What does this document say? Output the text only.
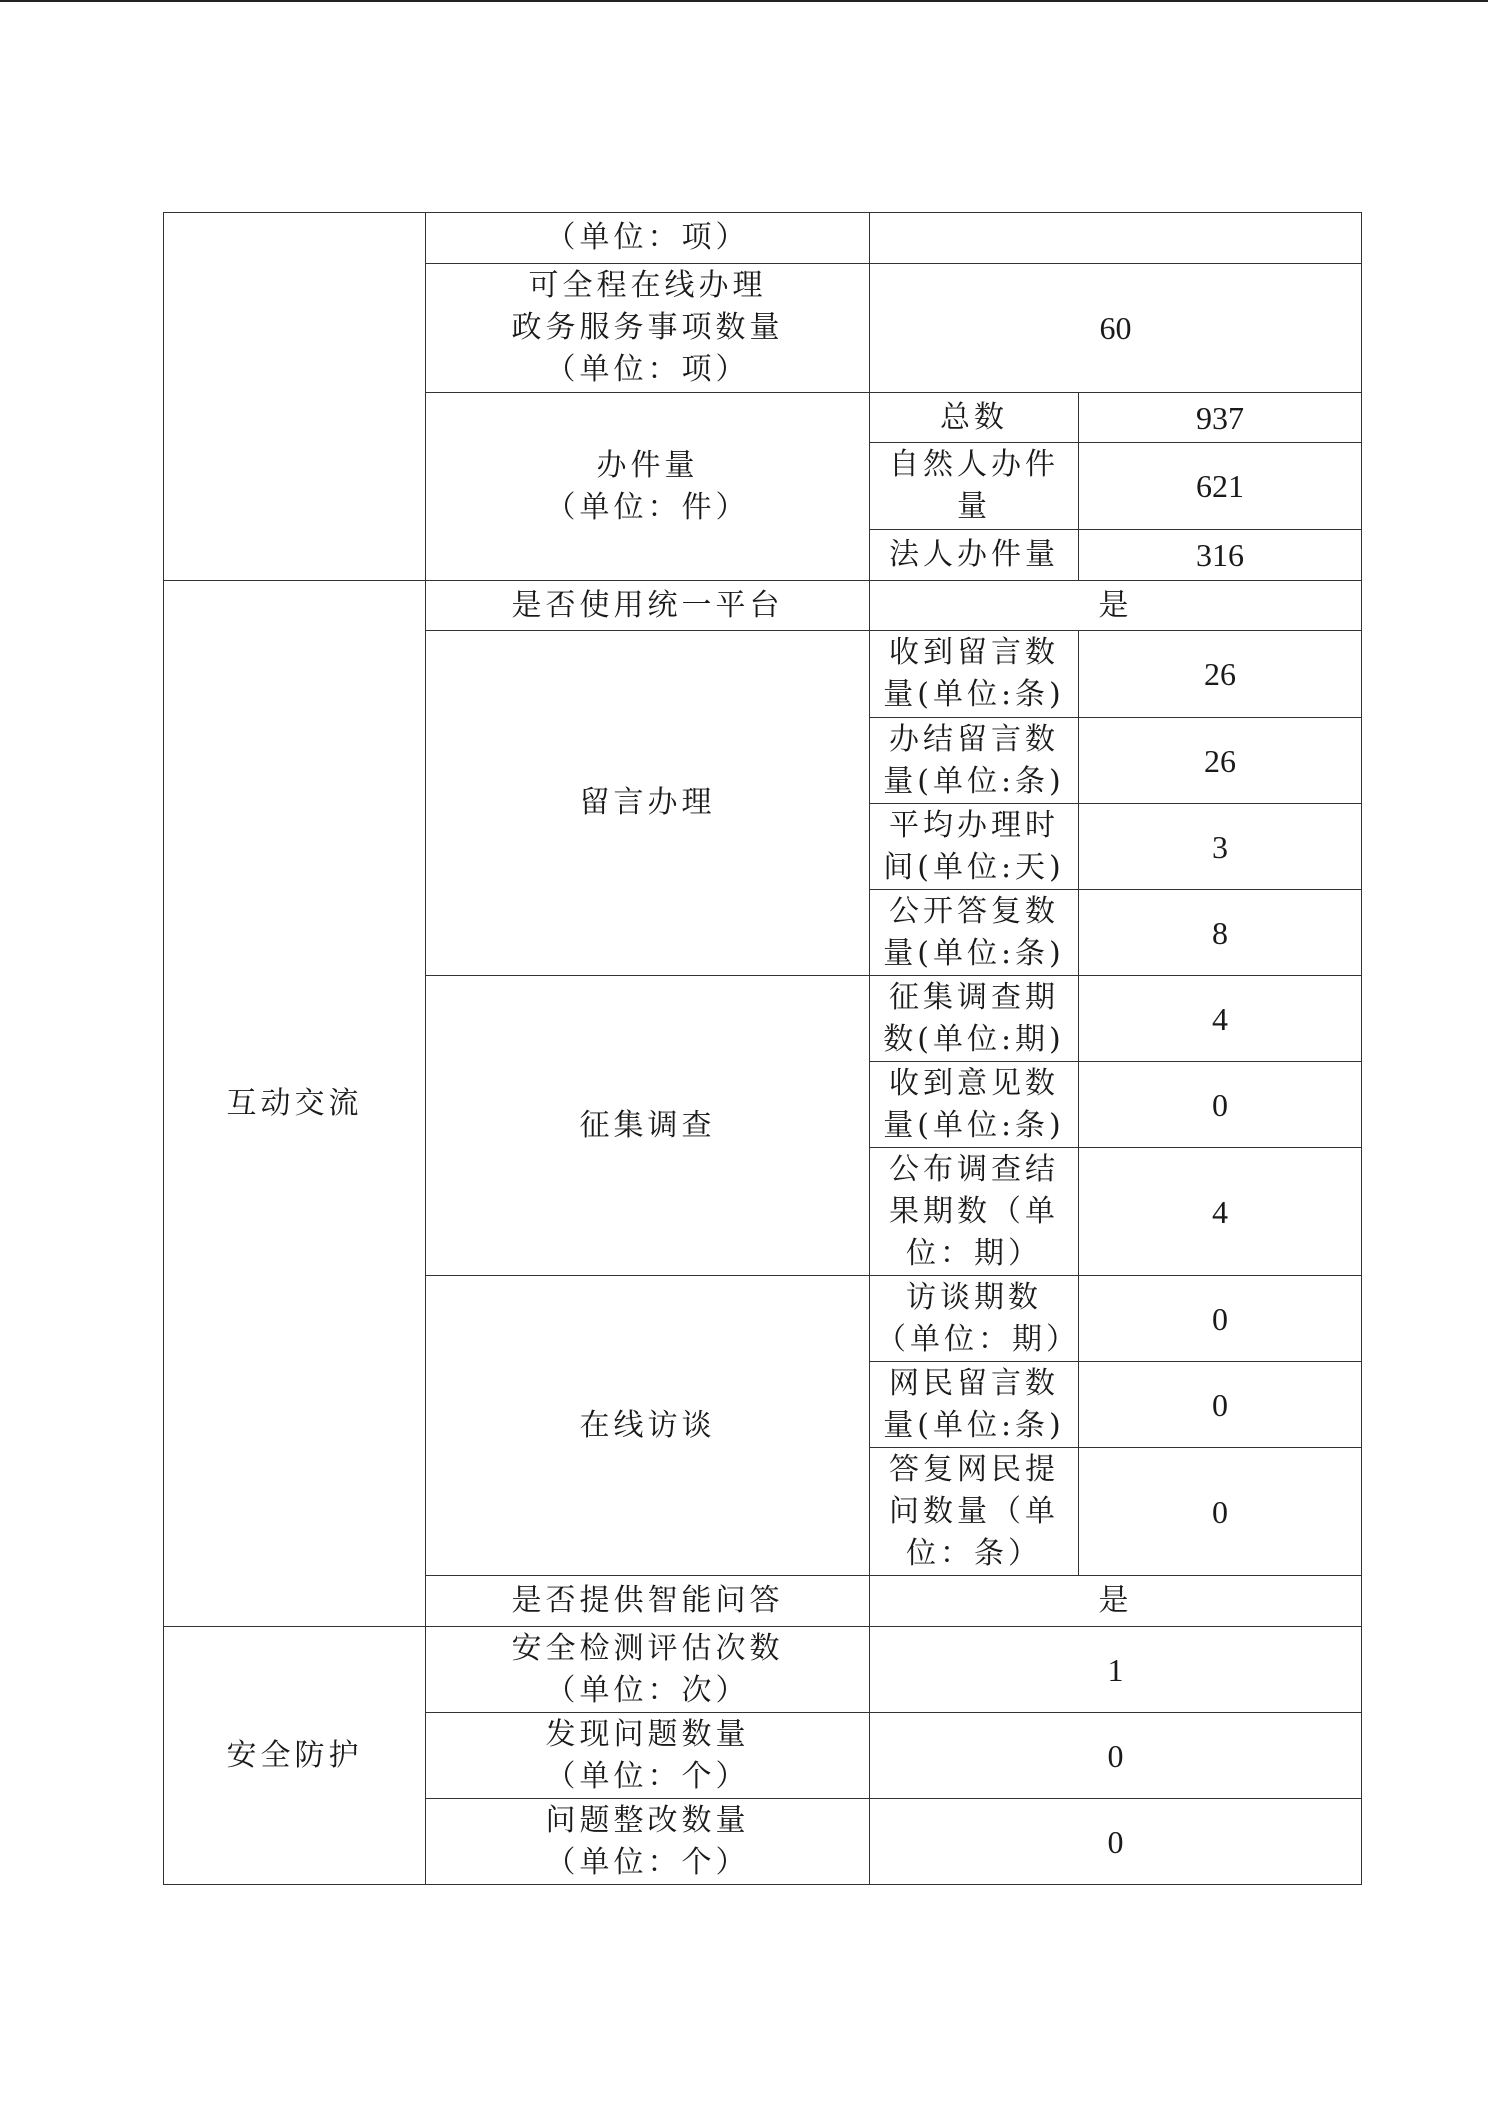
	（单位：项）		

	可全程在线办理
政务服务事项数量
（单位：项）	60	

	办件量
（单位：件）	总数	937

		自然人办件
量	621
		法人办件量	316

互动交流	是否使用统一平台	是	
	留言办理	收到留言数
量(单位:条)	26

		办结留言数
量(单位:条)	26

		平均办理时
间(单位:天)	3

		公开答复数
量(单位:条)	8
	征集调查	征集调查期
数(单位:期)	4

		收到意见数
量(单位:条)	0

		公布调查结
果期数（单
位：期）	4
	在线访谈	访谈期数
（单位：期）	0

		网民留言数
量(单位:条)	0

		答复网民提
问数量（单
位：条）	0
	是否提供智能问答	是	

安全防护	安全检测评估次数
（单位：次）	1	

	发现问题数量
（单位：个）	0	

	问题整改数量
（单位：个）	0	
